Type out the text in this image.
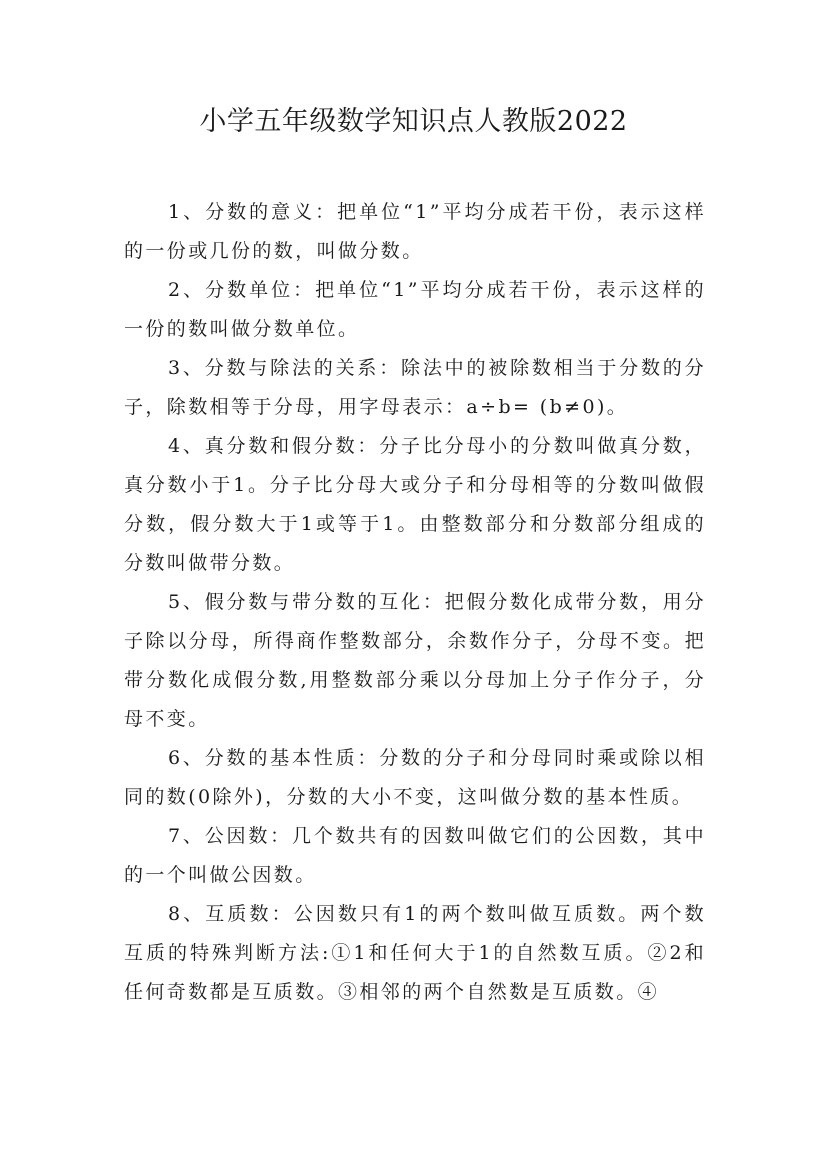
小学五年级数学知识点人教版2022

1、分数的意义：把单位“1”平均分成若干份，表示这样的一份或几份的数，叫做分数。

2、分数单位：把单位“1”平均分成若干份，表示这样的一份的数叫做分数单位。

3、分数与除法的关系：除法中的被除数相当于分数的分子，除数相等于分母，用字母表示：a÷b= (b≠0)。

4、真分数和假分数：分子比分母小的分数叫做真分数，真分数小于1。分子比分母大或分子和分母相等的分数叫做假分数，假分数大于1或等于1。由整数部分和分数部分组成的分数叫做带分数。

5、假分数与带分数的互化：把假分数化成带分数，用分子除以分母，所得商作整数部分，余数作分子，分母不变。把带分数化成假分数,用整数部分乘以分母加上分子作分子，分母不变。

6、分数的基本性质：分数的分子和分母同时乘或除以相同的数(0除外)，分数的大小不变，这叫做分数的基本性质。

7、公因数：几个数共有的因数叫做它们的公因数，其中的一个叫做公因数。

8、互质数：公因数只有1的两个数叫做互质数。两个数互质的特殊判断方法:①1和任何大于1的自然数互质。②2和任何奇数都是互质数。③相邻的两个自然数是互质数。④
